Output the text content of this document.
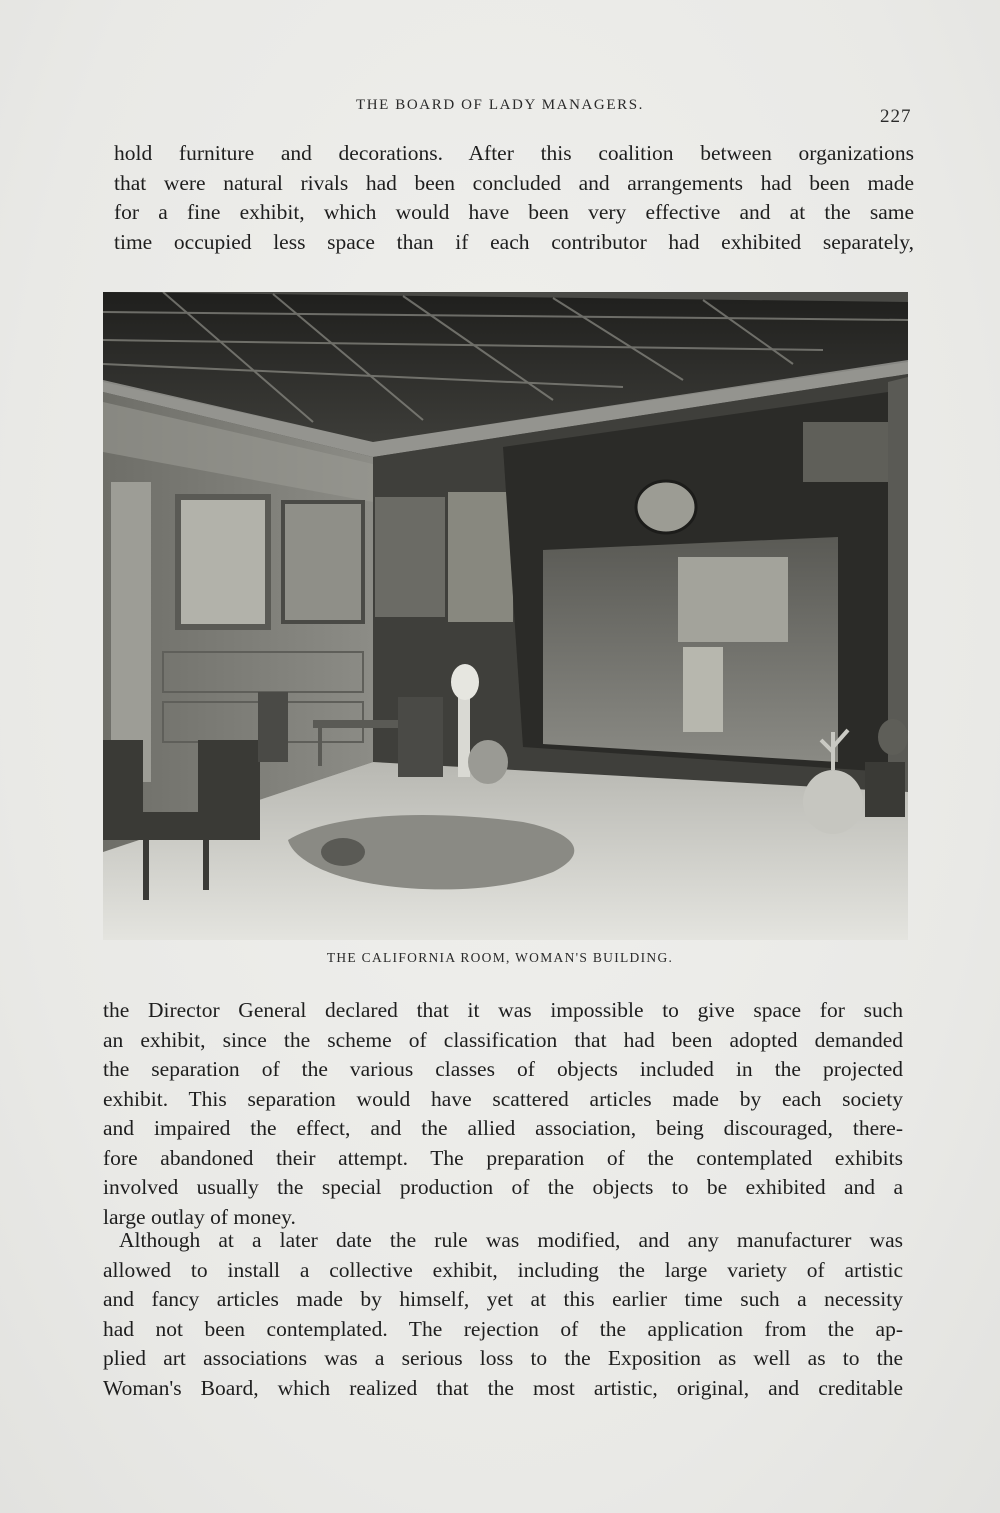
THE BOARD OF LADY MANAGERS.
227
hold furniture and decorations. After this coalition between organizations
that were natural rivals had been concluded and arrangements had been made
for a fine exhibit, which would have been very effective and at the same
time occupied less space than if each contributor had exhibited separately,
THE CALIFORNIA ROOM, WOMAN'S BUILDING.
the Director General declared that it was impossible to give space for such
an exhibit, since the scheme of classification that had been adopted demanded
the separation of the various classes of objects included in the projected
exhibit. This separation would have scattered articles made by each society
and impaired the effect, and the allied association, being discouraged, there-
fore abandoned their attempt. The preparation of the contemplated exhibits
involved usually the special production of the objects to be exhibited and a
large outlay of money.
Although at a later date the rule was modified, and any manufacturer was
allowed to install a collective exhibit, including the large variety of artistic
and fancy articles made by himself, yet at this earlier time such a necessity
had not been contemplated. The rejection of the application from the ap-
plied art associations was a serious loss to the Exposition as well as to the
Woman's Board, which realized that the most artistic, original, and creditable
